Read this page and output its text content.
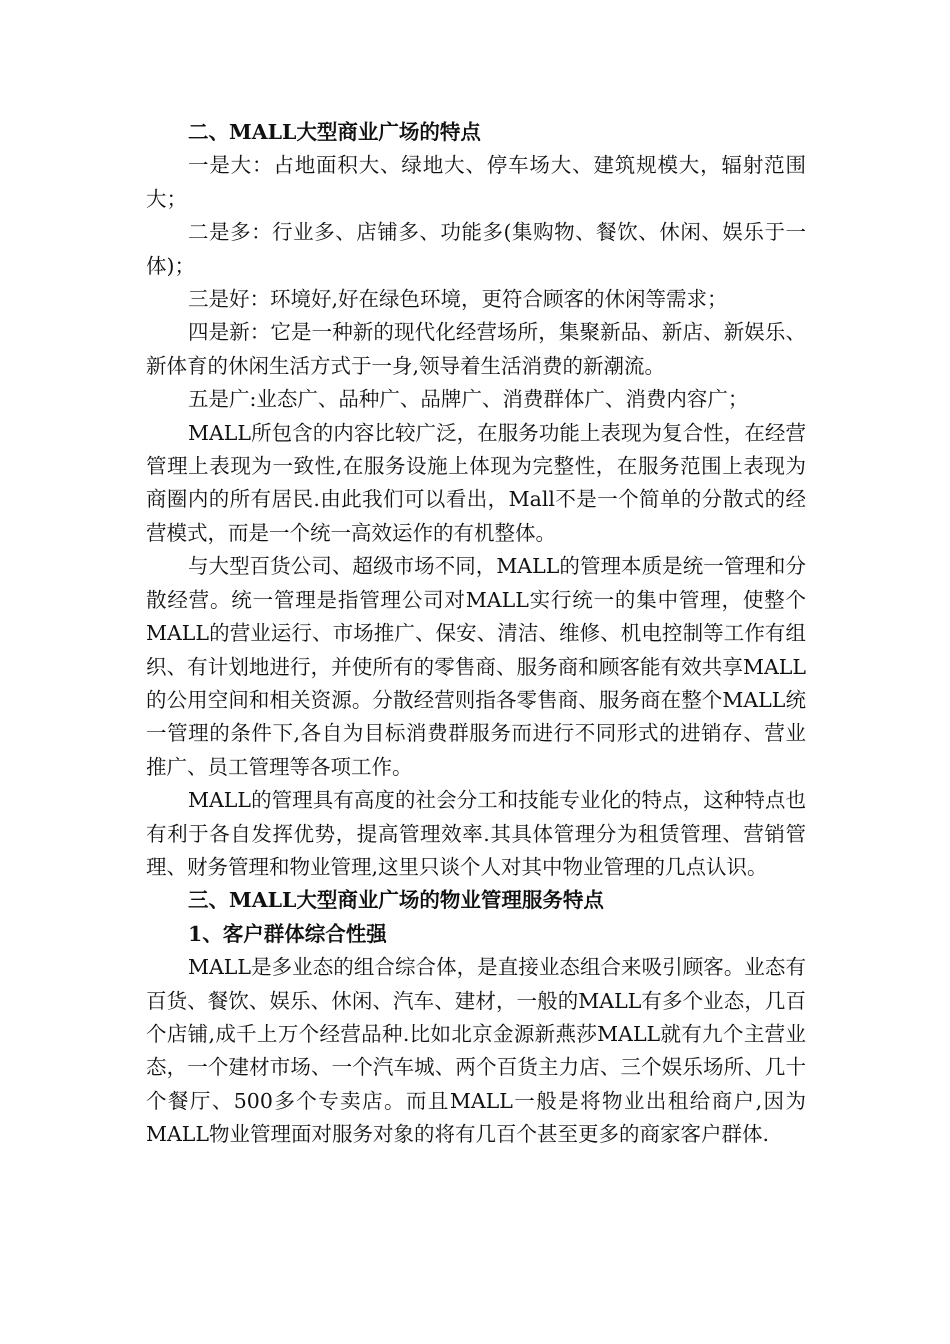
二、MALL大型商业广场的特点

一是大：占地面积大、绿地大、停车场大、建筑规模大，辐射范围大；

二是多：行业多、店铺多、功能多(集购物、餐饮、休闲、娱乐于一体)；

三是好：环境好,好在绿色环境，更符合顾客的休闲等需求；

四是新：它是一种新的现代化经营场所，集聚新品、新店、新娱乐、新体育的休闲生活方式于一身,领导着生活消费的新潮流。

五是广:业态广、品种广、品牌广、消费群体广、消费内容广；

MALL所包含的内容比较广泛，在服务功能上表现为复合性，在经营管理上表现为一致性,在服务设施上体现为完整性，在服务范围上表现为商圈内的所有居民.由此我们可以看出，Mall不是一个简单的分散式的经营模式，而是一个统一高效运作的有机整体。

与大型百货公司、超级市场不同，MALL的管理本质是统一管理和分散经营。统一管理是指管理公司对MALL实行统一的集中管理，使整个MALL的营业运行、市场推广、保安、清洁、维修、机电控制等工作有组织、有计划地进行，并使所有的零售商、服务商和顾客能有效共享MALL的公用空间和相关资源。分散经营则指各零售商、服务商在整个MALL统一管理的条件下,各自为目标消费群服务而进行不同形式的进销存、营业推广、员工管理等各项工作。

MALL的管理具有高度的社会分工和技能专业化的特点，这种特点也有利于各自发挥优势，提高管理效率.其具体管理分为租赁管理、营销管理、财务管理和物业管理,这里只谈个人对其中物业管理的几点认识。

三、MALL大型商业广场的物业管理服务特点

1、客户群体综合性强

MALL是多业态的组合综合体，是直接业态组合来吸引顾客。业态有百货、餐饮、娱乐、休闲、汽车、建材，一般的MALL有多个业态，几百个店铺,成千上万个经营品种.比如北京金源新燕莎MALL就有九个主营业态，一个建材市场、一个汽车城、两个百货主力店、三个娱乐场所、几十个餐厅、500多个专卖店。而且MALL一般是将物业出租给商户,因为MALL物业管理面对服务对象的将有几百个甚至更多的商家客户群体.
